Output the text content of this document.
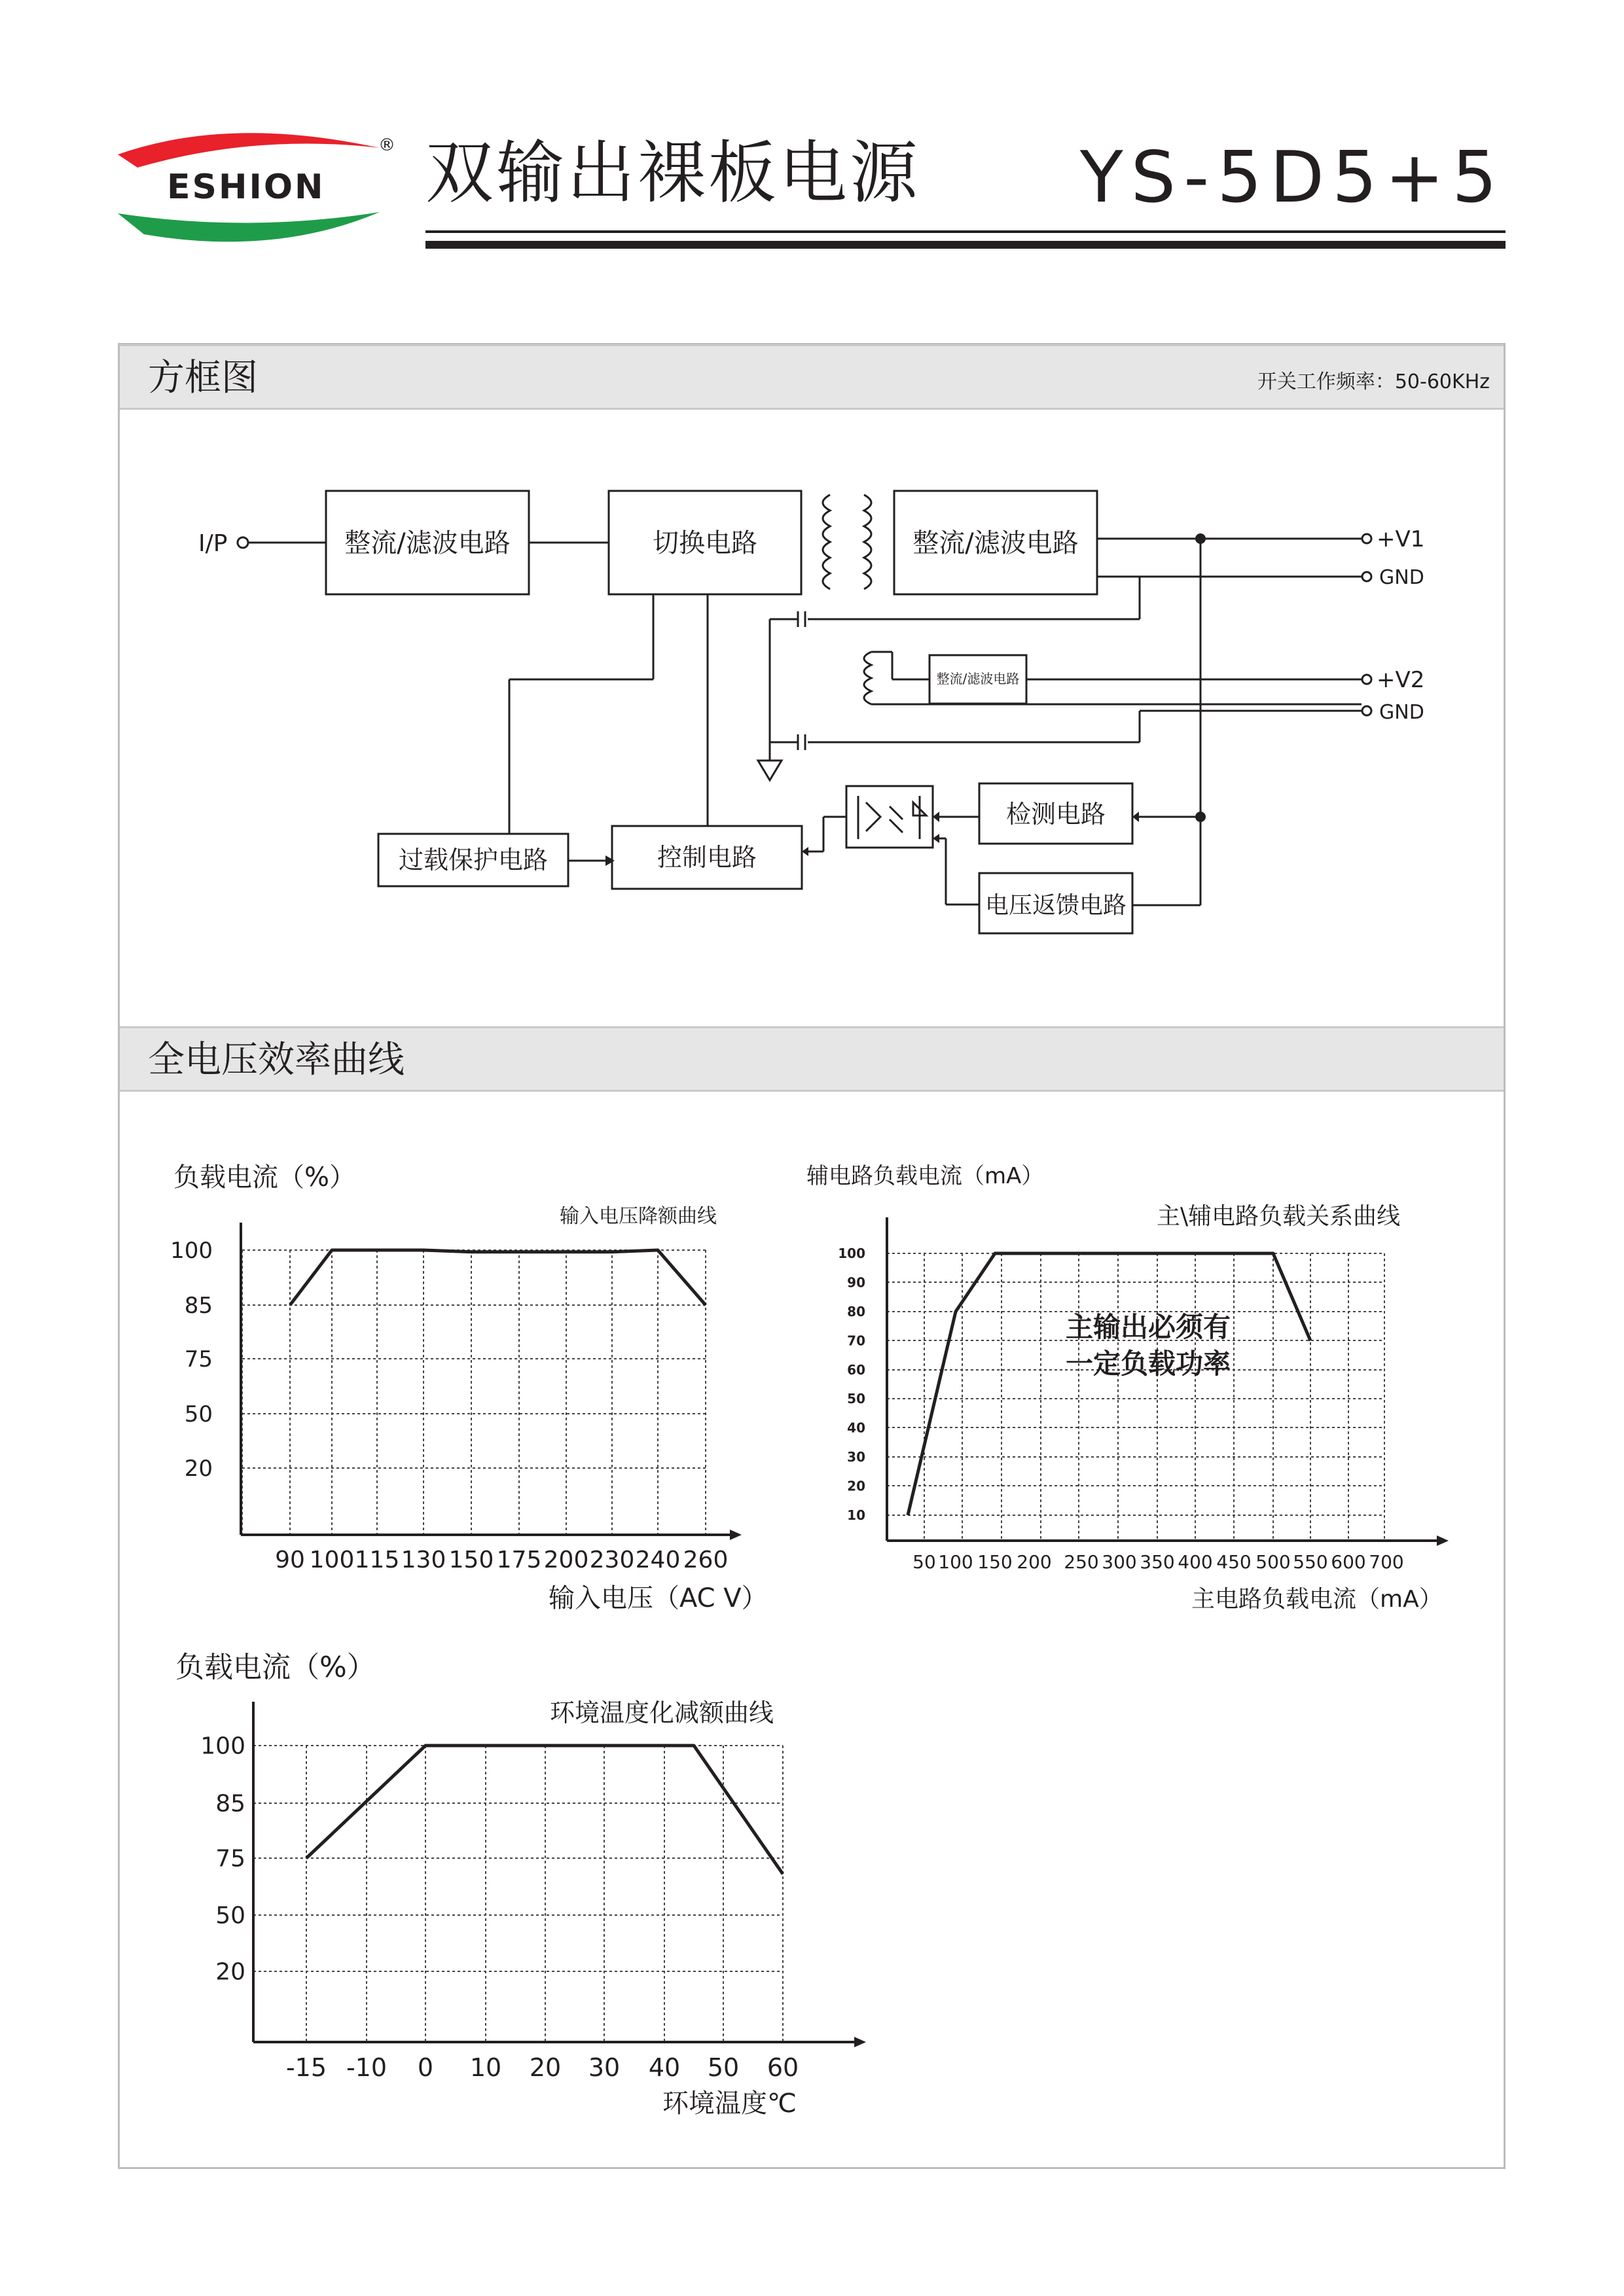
ESHION
® 双输出裸板电源 YS-5D5+5
方框图	开关工作频率：50-60KHz
I/P	整流/滤波电路	切换电路	整流/滤波电路
整流/滤波电路
过载保护电路	控制电路
检测电路
电压返馈电路
+V1
GND
+V2
GND
全电压效率曲线
100
85
75
50
20
90 100 115 130 150 175 200 230 240 260
负载电流（%）
输入电压降额曲线
输入电压（AC V）
100
90
80
70
60
50
40
30
20
10
50 100 150 200 250 300 350 400 450 500 550 600 700
辅电路负载电流（mA）
主\辅电路负载关系曲线
主电路负载电流（mA）
主输出必须有
一定负载功率
100
85
75
50
20
-15 -10 0 10 20 30 40 50 60
负载电流（%）
环境温度化减额曲线
环境温度℃
